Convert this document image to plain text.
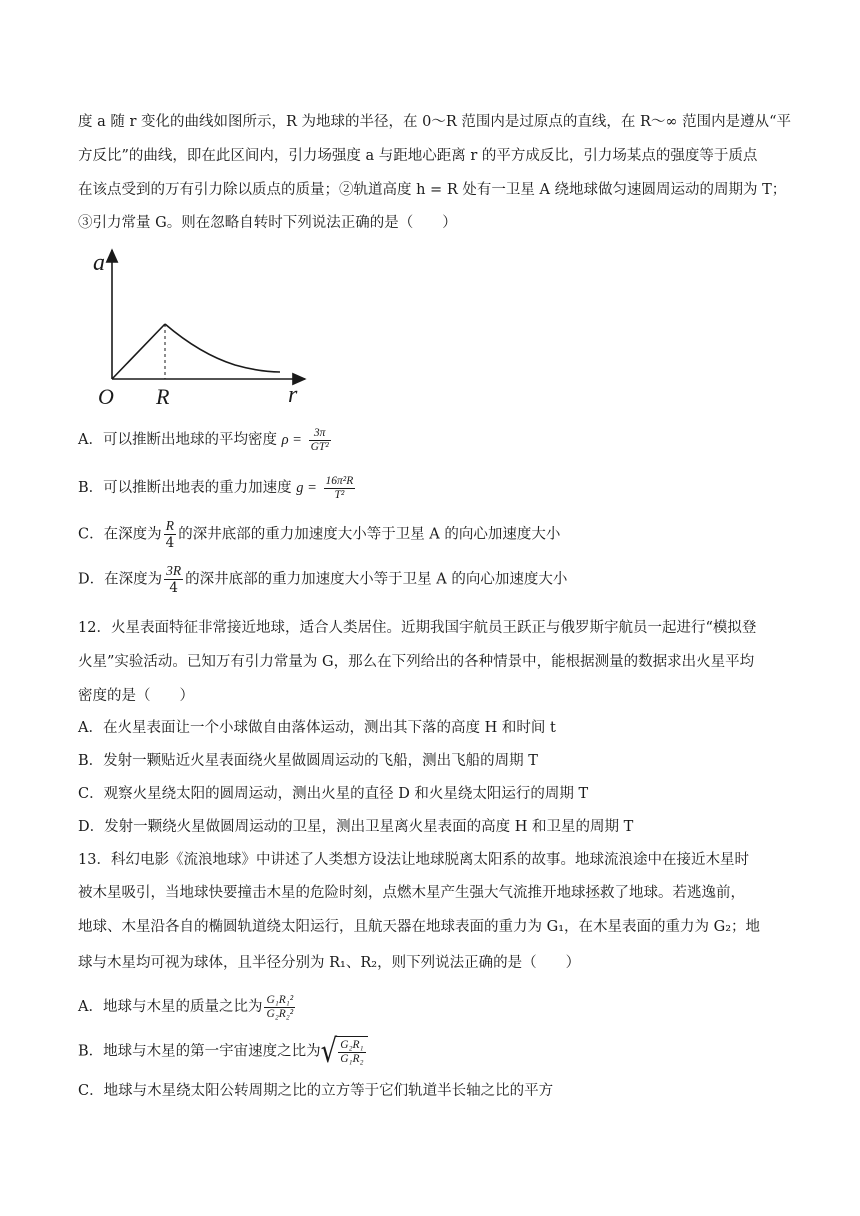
度 a 随 r 变化的曲线如图所示，R 为地球的半径，在 0～R 范围内是过原点的直线，在 R～∞ 范围内是遵从“平
方反比”的曲线，即在此区间内，引力场强度 a 与距地心距离 r 的平方成反比，引力场某点的强度等于质点
在该点受到的万有引力除以质点的质量；②轨道高度 h = R 处有一卫星 A 绕地球做匀速圆周运动的周期为 T；
③引力常量 G。则在忽略自转时下列说法正确的是（　　）
a
O R	r
A．可以推断出地球的平均密度 $\rho = \frac{3\pi}{\text{GT²}}$
B．可以推断出地表的重力加速度 $g = \frac{\text{16π²R}}{\text{T²}}$
C．在深度为 $\frac{R}{4}$ 的深井底部的重力加速度大小等于卫星 A 的向心加速度大小
D．在深度为 $\frac{3R}{4}$ 的深井底部的重力加速度大小等于卫星 A 的向心加速度大小
12．火星表面特征非常接近地球，适合人类居住。近期我国宇航员王跃正与俄罗斯宇航员一起进行“模拟登
火星”实验活动。已知万有引力常量为 G，那么在下列给出的各种情景中，能根据测量的数据求出火星平均
密度的是（　　）
A．在火星表面让一个小球做自由落体运动，测出其下落的高度 H 和时间 t
B．发射一颗贴近火星表面绕火星做圆周运动的飞船，测出飞船的周期 T
C．观察火星绕太阳的圆周运动，测出火星的直径 D 和火星绕太阳运行的周期 T
D．发射一颗绕火星做圆周运动的卫星，测出卫星离火星表面的高度 H 和卫星的周期 T
13．科幻电影《流浪地球》中讲述了人类想方设法让地球脱离太阳系的故事。地球流浪途中在接近木星时
被木星吸引，当地球快要撞击木星的危险时刻，点燃木星产生强大气流推开地球拯救了地球。若逃逸前，
地球、木星沿各自的椭圆轨道绕太阳运行，且航天器在地球表面的重力为 G₁，在木星表面的重力为 G₂；地
球与木星均可视为球体，且半径分别为 R₁、R₂，则下列说法正确的是（　　）
A．地球与木星的质量之比为 $\frac{\text{G₁R₁²}}{\text{G₂R₂²}}$
B．地球与木星的第一宇宙速度之比为√ $\frac{\text{G₂R₁}}{\text{G₁R₂}}$
C．地球与木星绕太阳公转周期之比的立方等于它们轨道半长轴之比的平方
